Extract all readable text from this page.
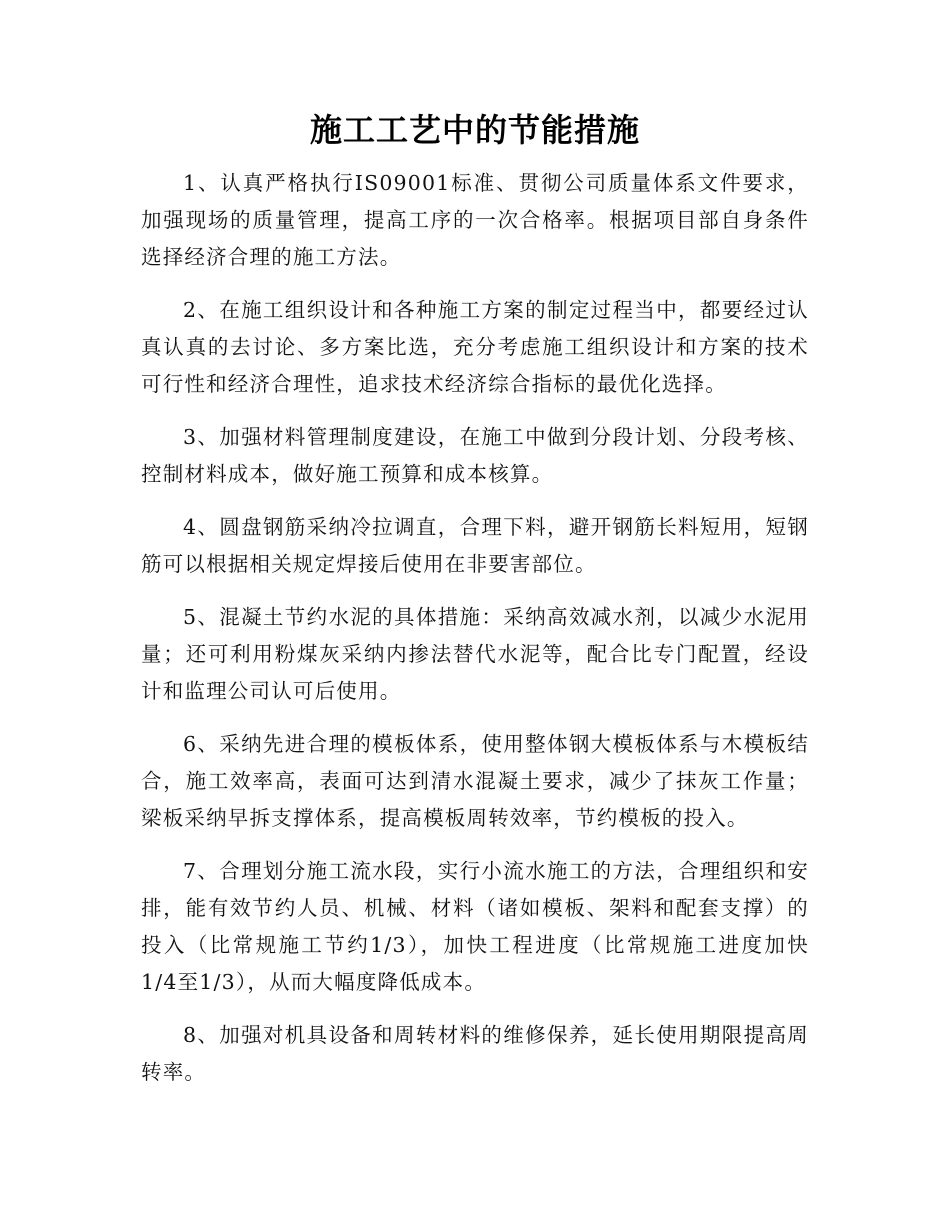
施工工艺中的节能措施

1、认真严格执行IS09001标准、贯彻公司质量体系文件要求，加强现场的质量管理，提高工序的一次合格率。根据项目部自身条件选择经济合理的施工方法。

2、在施工组织设计和各种施工方案的制定过程当中，都要经过认真认真的去讨论、多方案比选，充分考虑施工组织设计和方案的技术可行性和经济合理性，追求技术经济综合指标的最优化选择。

3、加强材料管理制度建设，在施工中做到分段计划、分段考核、控制材料成本，做好施工预算和成本核算。

4、圆盘钢筋采纳冷拉调直，合理下料，避开钢筋长料短用，短钢筋可以根据相关规定焊接后使用在非要害部位。

5、混凝土节约水泥的具体措施：采纳高效减水剂，以减少水泥用量；还可利用粉煤灰采纳内掺法替代水泥等，配合比专门配置，经设计和监理公司认可后使用。

6、采纳先进合理的模板体系，使用整体钢大模板体系与木模板结合，施工效率高，表面可达到清水混凝土要求，减少了抹灰工作量；梁板采纳早拆支撑体系，提高模板周转效率，节约模板的投入。

7、合理划分施工流水段，实行小流水施工的方法，合理组织和安排，能有效节约人员、机械、材料（诸如模板、架料和配套支撑）的投入（比常规施工节约1/3），加快工程进度（比常规施工进度加快1/4至1/3），从而大幅度降低成本。

8、加强对机具设备和周转材料的维修保养，延长使用期限提高周转率。
